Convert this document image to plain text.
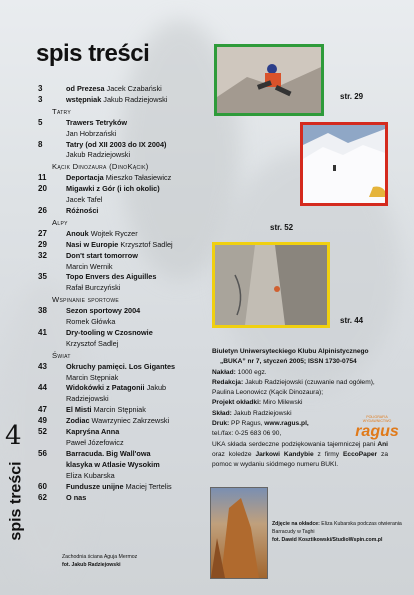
spis treści
3	od Prezesa Jacek Czabański
3	wstępniak Jakub Radziejowski
Tatry
5	Trawers Tetryków
Jan Hobrzański
8	Tatry (od XII 2003 do IX 2004)
Jakub Radziejowski
Kącik Dinozaura (DinoKącik)
11	Deportacja Mieszko Tałasiewicz
20	Migawki z Gór (i ich okolic)
Jacek Tafel
26	Różności
Alpy
27	Anouk Wojtek Ryczer
29	Nasi w Europie Krzysztof Sadlej
32	Don't start tomorrow
Marcin Wernik
35	Topo Envers des Aiguilles
Rafał Burczyński
Wspinanie sportowe
38	Sezon sportowy 2004
Romek Główka
41	Dry-tooling w Czosnowie
Krzysztof Sadlej
Świat
43	Okruchy pamięci. Los Gigantes
Marcin Stępniak
44	Widokówki z Patagonii Jakub
Radziejowski
47	El Misti Marcin Stępniak
49	Zodiac Wawrzyniec Zakrzewski
52	Kapryśna Anna
Paweł Józefowicz
56	Barracuda. Big Wall'owa
klasyka w Atlasie Wysokim
Eliza Kubarska
60	Fundusze unijne Maciej Tertelis
62	O nas
str. 29
str. 52
str. 44

Biuletyn Uniwersyteckiego Klubu Alpinistycznego

„BUKA” nr 7, styczeń 2005; ISSN 1730-0754

Nakład: 1000 egz.

Redakcja: Jakub Radziejowski (czuwanie nad ogółem), Paulina Leonowicz (Kącik Dinozaura);

Projekt okładki: Miro Milewski

Skład: Jakub Radziejowski

Druk: PP Ragus, www.ragus.pl,

tel./fax: 0-25 683 06 90,

UKA składa serdeczne podziękowania tajemniczej pani Ani oraz koledze Jarkowi Kandybie z firmy EccoPaper za pomoc w wydaniu siódmego numeru BUKI.

POLIGRAFIA WYDAWNICTWO
ragus
Zdjęcie na okładce: Eliza Kubarska podczas otwierania Barracudy w Taghi
fot. Dawid Kosztikowski/StudioWspin.com.pl
4
spis treści
Zachodnia ściana Aguja Mermoz
fot. Jakub Radziejowski
